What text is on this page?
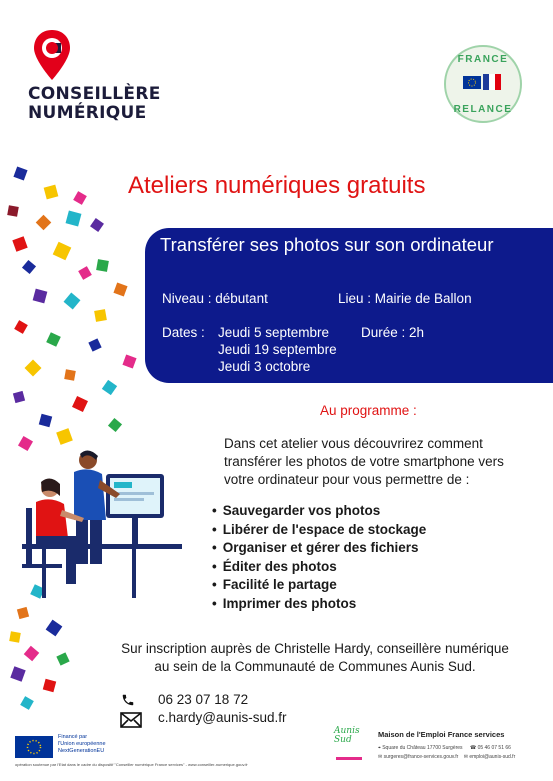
CONSEILLÈRE
NUMÉRIQUE
FRANCE
RELANCE
Ateliers numériques gratuits
Transférer ses photos sur son ordinateur
Niveau : débutant	Lieu : Mairie de Ballon
Dates : Jeudi 5 septembre
Jeudi 19 septembre
Jeudi 3 octobre
Durée : 2h
Au programme :
Dans cet atelier vous découvrirez comment
transférer les photos de votre smartphone vers
votre ordinateur pour vous permettre de :
• Sauvegarder vos photos
• Libérer de l'espace de stockage
• Organiser et gérer des fichiers
• Éditer des photos
• Facilité le partage
• Imprimer des photos
Sur inscription auprès de Christelle Hardy, conseillère numérique
au sein de la Communauté de Communes Aunis Sud.
06 23 07 18 72
c.hardy@aunis-sud.fr
Financé par
l'Union européenne
NextGenerationEU
opération soutenue par l'Etat dans le cadre du dispositif "Conseiller numérique France services" - www.conseiller-numerique.gouv.fr
Aunis Sud
Maison de l'Emploi France services
⌖ Square du Château 17700 Surgères ☎ 05 46 07 51 66
✉ surgeres@france-services.gouv.fr ✉ emploi@aunis-sud.fr
